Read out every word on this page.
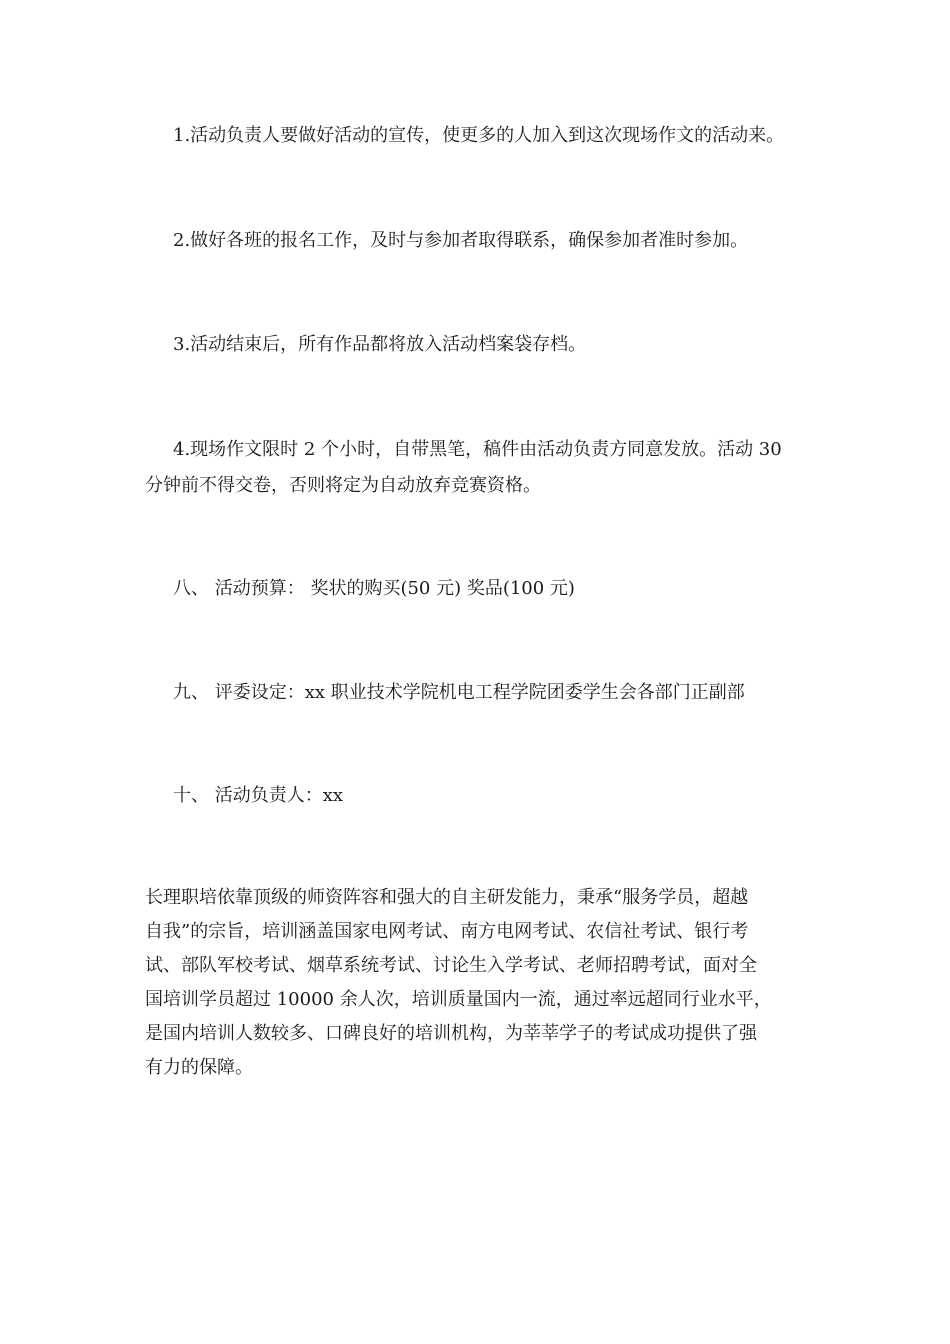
1.活动负责人要做好活动的宣传，使更多的人加入到这次现场作文的活动来。
2.做好各班的报名工作，及时与参加者取得联系，确保参加者准时参加。
3.活动结束后，所有作品都将放入活动档案袋存档。
4.现场作文限时 2 个小时，自带黑笔，稿件由活动负责方同意发放。活动 30
分钟前不得交卷，否则将定为自动放弃竞赛资格。
八、 活动预算： 奖状的购买(50 元) 奖品(100 元)
九、 评委设定：xx 职业技术学院机电工程学院团委学生会各部门正副部
十、 活动负责人：xx
长理职培依靠顶级的师资阵容和强大的自主研发能力，秉承“服务学员，超越
自我”的宗旨，培训涵盖国家电网考试、南方电网考试、农信社考试、银行考
试、部队军校考试、烟草系统考试、讨论生入学考试、老师招聘考试，面对全
国培训学员超过 10000 余人次，培训质量国内一流，通过率远超同行业水平，
是国内培训人数较多、口碑良好的培训机构，为莘莘学子的考试成功提供了强
有力的保障。
